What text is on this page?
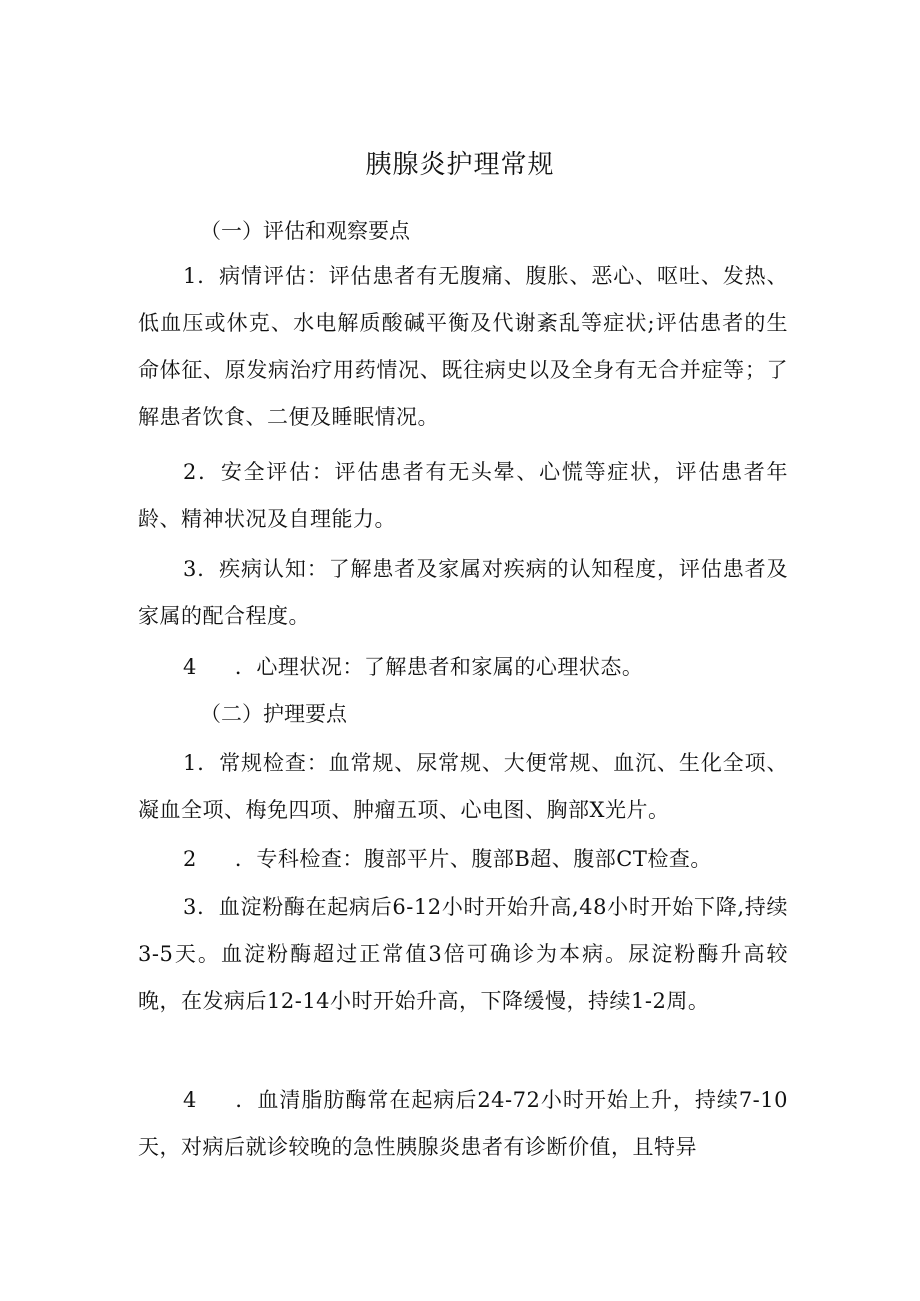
胰腺炎护理常规

（一）评估和观察要点

1．病情评估：评估患者有无腹痛、腹胀、恶心、呕吐、发热、低血压或休克、水电解质酸碱平衡及代谢紊乱等症状;评估患者的生命体征、原发病治疗用药情况、既往病史以及全身有无合并症等；了解患者饮食、二便及睡眠情况。

2．安全评估：评估患者有无头晕、心慌等症状，评估患者年龄、精神状况及自理能力。

3．疾病认知：了解患者及家属对疾病的认知程度，评估患者及家属的配合程度。

4 ．心理状况：了解患者和家属的心理状态。

（二）护理要点

1．常规检查：血常规、尿常规、大便常规、血沉、生化全项、凝血全项、梅免四项、肿瘤五项、心电图、胸部X光片。

2 ．专科检查：腹部平片、腹部B超、腹部CT检查。

3．血淀粉酶在起病后6-12小时开始升高,48小时开始下降,持续3-5天。血淀粉酶超过正常值3倍可确诊为本病。尿淀粉酶升高较晚，在发病后12-14小时开始升高，下降缓慢，持续1-2周。

4 ．血清脂肪酶常在起病后24-72小时开始上升，持续7-10天，对病后就诊较晚的急性胰腺炎患者有诊断价值，且特异
